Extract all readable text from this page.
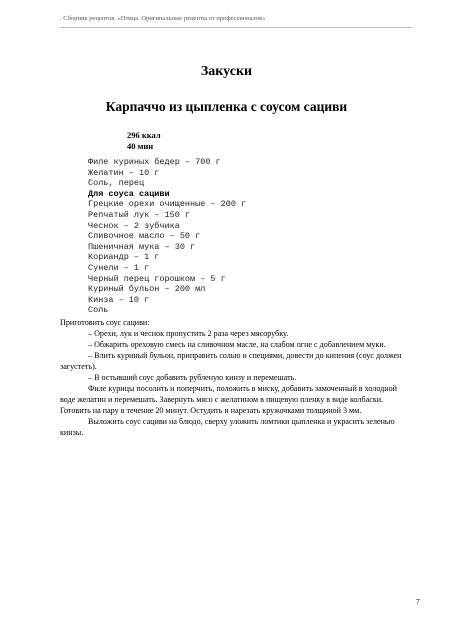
. Сборник рецептов. «Птица. Оригинальные рецепты от профессионалов»
Закуски
Карпаччо из цыпленка с соусом сациви
296 ккал
40 мин
Филе куриных бедер – 700 г
Желатин – 10 г
Соль, перец
Для соуса сациви
Грецкие орехи очищенные – 200 г
Репчатый лук – 150 г
Чеснок – 2 зубчика
Сливочное масло – 50 г
Пшеничная мука – 30 г
Кориандр – 1 г
Сунели – 1 г
Черный перец горошком – 5 г
Куриный бульон – 200 мл
Кинза – 10 г
Соль

Приготовить соус сациви:

– Орехи, лук и чеснок пропустить 2 раза через мясорубку.

– Обжарить ореховую смесь на сливочном масле, на слабом огне с добавлением муки.

– Влить куриный бульон, приправить солью и специями, довести до кипения (соус должен загустеть).

– В остывший соус добавить рубленую кинзу и перемешать.

Филе курицы посолить и поперчить, положить в миску, добавить замоченный в холодной воде желатин и перемешать. Завернуть мясо с желатином в пищевую пленку в виде колбаски. Готовить на пару в течение 20 минут. Остудить и нарезать кружочками толщиной 3 мм.

Выложить соус сациви на блюдо, сверху уложить ломтики цыпленка и украсить зеленью кинзы.

7
